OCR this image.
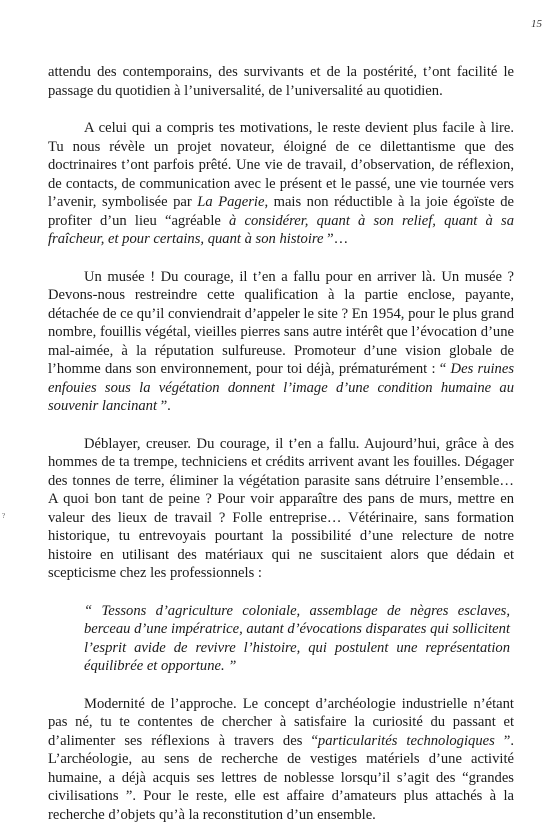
15
?

attendu des contemporains, des survivants et de la postérité, t’ont facilité le passage du quotidien à l’universalité, de l’universalité au quotidien.

A celui qui a compris tes motivations, le reste devient plus facile à lire. Tu nous révèle un projet novateur, éloigné de ce dilettantisme que des doctrinaires t’ont parfois prêté. Une vie de travail, d’observation, de réflexion, de contacts, de communication avec le présent et le passé, une vie tournée vers l’avenir, symbolisée par La Pagerie, mais non réductible à la joie égoïste de profiter d’un lieu “agréable à considérer, quant à son relief, quant à sa fraîcheur, et pour certains, quant à son histoire ”…

Un musée ! Du courage, il t’en a fallu pour en arriver là. Un musée ? Devons-nous restreindre cette qualification à la partie enclose, payante, détachée de ce qu’il conviendrait d’appeler le site ? En 1954, pour le plus grand nombre, fouillis végétal, vieilles pierres sans autre intérêt que l’évocation d’une mal-aimée, à la réputation sulfureuse. Promoteur d’une vision globale de l’homme dans son environnement, pour toi déjà, prématurément : “ Des ruines enfouies sous la végétation donnent l’image d’une condition humaine au souvenir lancinant ”.

Déblayer, creuser. Du courage, il t’en a fallu. Aujourd’hui, grâce à des hommes de ta trempe, techniciens et crédits arrivent avant les fouilles. Dégager des tonnes de terre, éliminer la végétation parasite sans détruire l’ensemble… A quoi bon tant de peine ? Pour voir apparaître des pans de murs, mettre en valeur des lieux de travail ? Folle entreprise… Vétérinaire, sans formation historique, tu entrevoyais pourtant la possibilité d’une relecture de notre histoire en utilisant des matériaux qui ne suscitaient alors que dédain et scepticisme chez les professionnels :

“ Tessons d’agriculture coloniale, assemblage de nègres esclaves, berceau d’une impératrice, autant d’évocations disparates qui sollicitent l’esprit avide de revivre l’histoire, qui postulent une représentation équilibrée et opportune. ”

Modernité de l’approche. Le concept d’archéologie industrielle n’étant pas né, tu te contentes de chercher à satisfaire la curiosité du passant et d’alimenter ses réflexions à travers des “particularités technologiques ”. L’archéologie, au sens de recherche de vestiges matériels d’une activité humaine, a déjà acquis ses lettres de noblesse lorsqu’il s’agit des “grandes civilisations ”. Pour le reste, elle est affaire d’amateurs plus attachés à la recherche d’objets qu’à la reconstitution d’un ensemble.
